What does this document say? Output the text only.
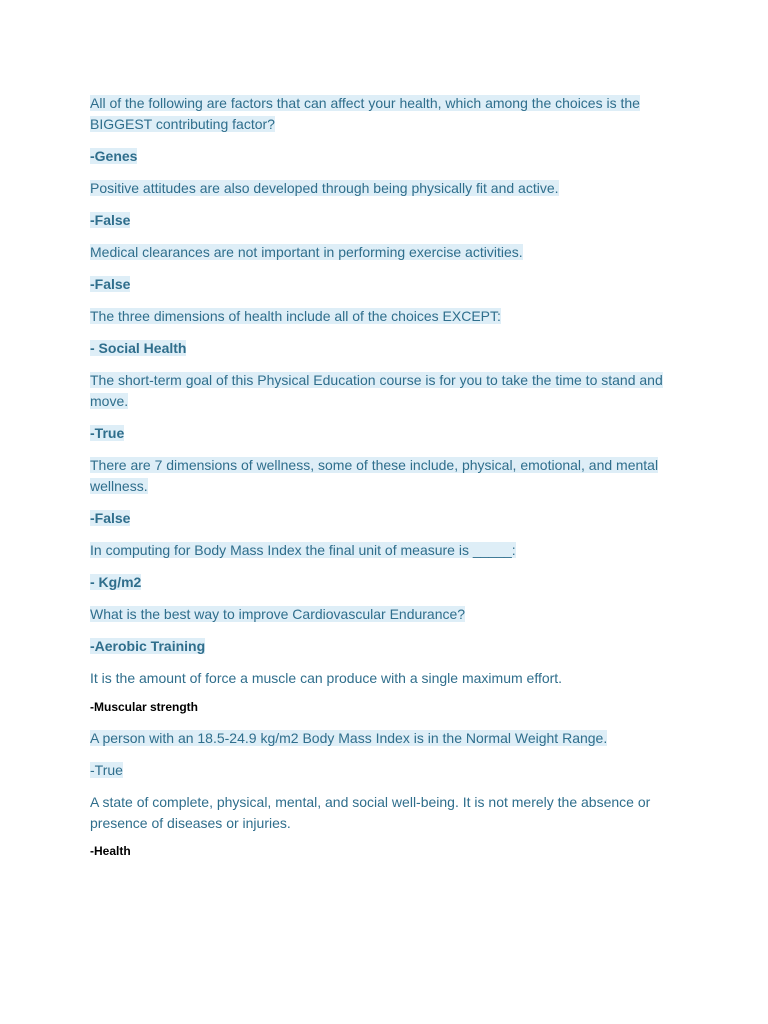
All of the following are factors that can affect your health, which among the choices is the BIGGEST contributing factor?

-Genes

Positive attitudes are also developed through being physically fit and active.

-False

Medical clearances are not important in performing exercise activities.

-False

The three dimensions of health include all of the choices EXCEPT:

- Social Health

The short-term goal of this Physical Education course is for you to take the time to stand and move.

-True

There are 7 dimensions of wellness, some of these include, physical, emotional, and mental wellness.

-False

In computing for Body Mass Index the final unit of measure is _____:

- Kg/m2

What is the best way to improve Cardiovascular Endurance?

-Aerobic Training

It is the amount of force a muscle can produce with a single maximum effort.

-Muscular strength

A person with an 18.5-24.9 kg/m2 Body Mass Index is in the Normal Weight Range.

-True

A state of complete, physical, mental, and social well-being. It is not merely the absence or presence of diseases or injuries.

-Health
